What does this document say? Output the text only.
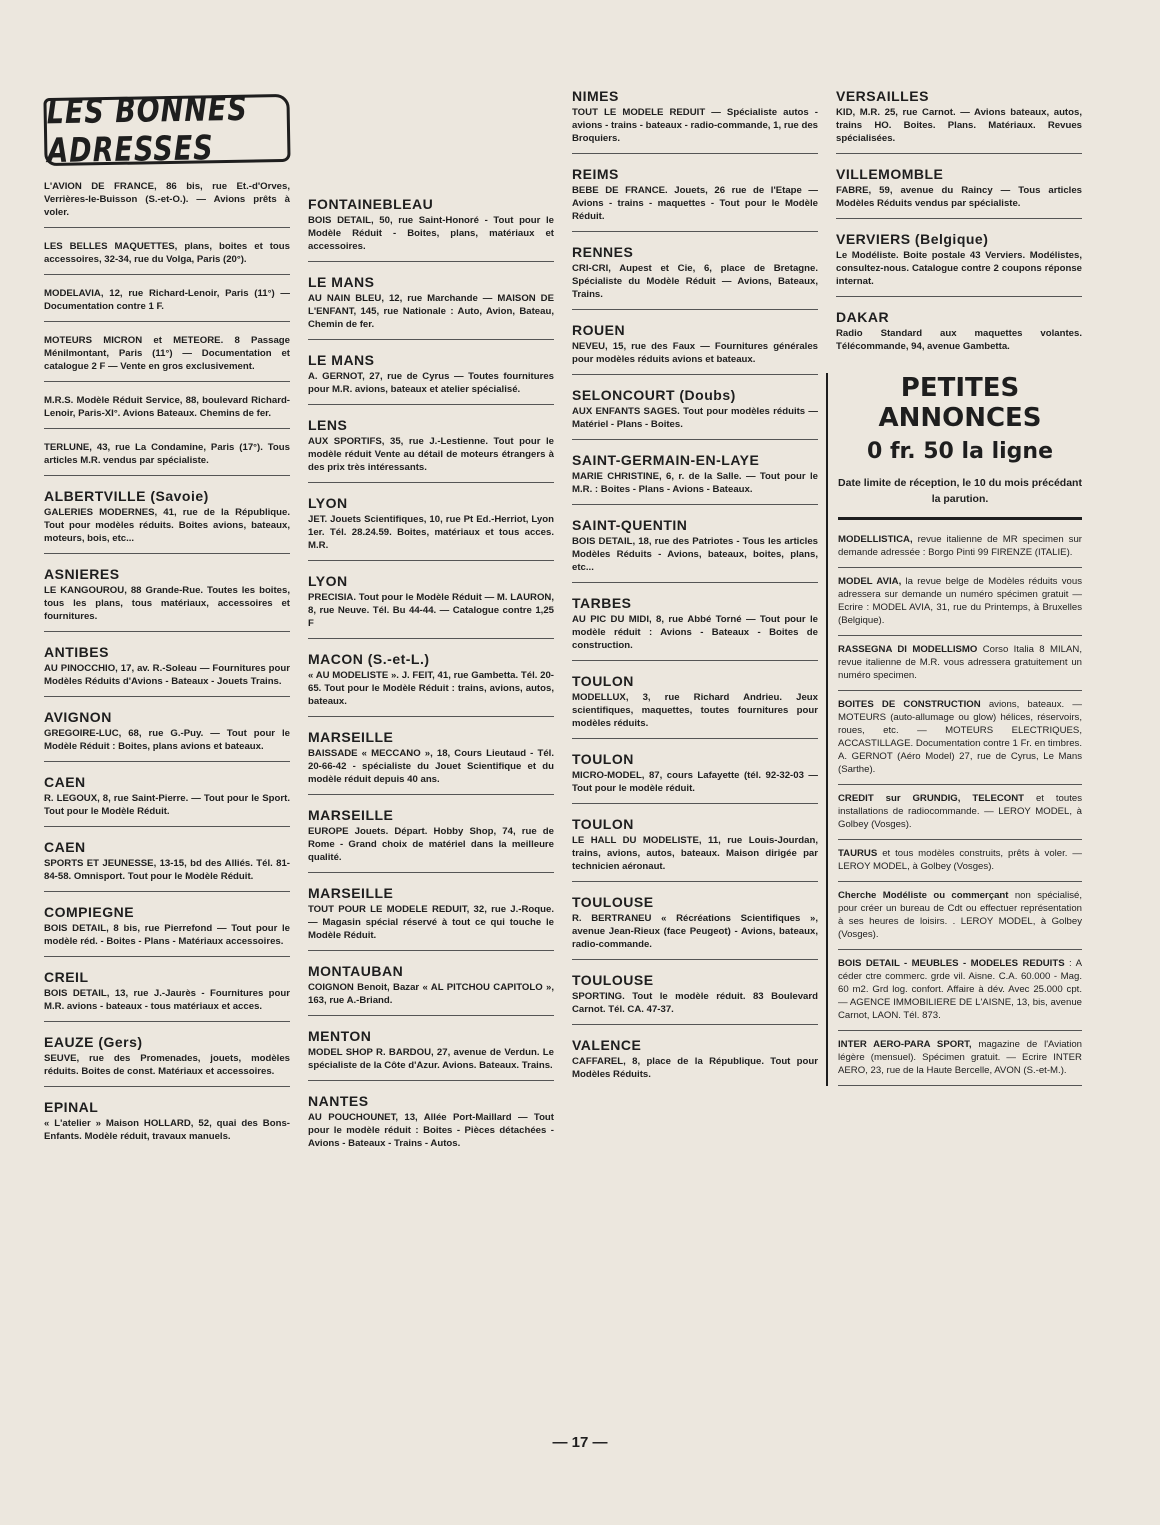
LES BONNES ADRESSES
L'AVION DE FRANCE, 86 bis, rue Et.-d'Orves, Verrières-le-Buisson (S.-et-O.). — Avions prêts à voler.
LES BELLES MAQUETTES, plans, boites et tous accessoires, 32-34, rue du Volga, Paris (20°).
MODELAVIA, 12, rue Richard-Lenoir, Paris (11°) — Documentation contre 1 F.
MOTEURS MICRON et METEORE. 8 Passage Ménilmontant, Paris (11°) — Documentation et catalogue 2 F — Vente en gros exclusivement.
M.R.S. Modèle Réduit Service, 88, boulevard Richard-Lenoir, Paris-XI°. Avions Bateaux. Chemins de fer.
TERLUNE, 43, rue La Condamine, Paris (17°). Tous articles M.R. vendus par spécialiste.
ALBERTVILLE (Savoie)
GALERIES MODERNES, 41, rue de la République. Tout pour modèles réduits. Boites avions, bateaux, moteurs, bois, etc...
ASNIERES
LE KANGOUROU, 88 Grande-Rue. Toutes les boites, tous les plans, tous matériaux, accessoires et fournitures.
ANTIBES
AU PINOCCHIO, 17, av. R.-Soleau — Fournitures pour Modèles Réduits d'Avions - Bateaux - Jouets Trains.
AVIGNON
GREGOIRE-LUC, 68, rue G.-Puy. — Tout pour le Modèle Réduit : Boites, plans avions et bateaux.
CAEN
R. LEGOUX, 8, rue Saint-Pierre. — Tout pour le Sport. Tout pour le Modèle Réduit.
CAEN
SPORTS ET JEUNESSE, 13-15, bd des Alliés. Tél. 81-84-58. Omnisport. Tout pour le Modèle Réduit.
COMPIEGNE
BOIS DETAIL, 8 bis, rue Pierrefond — Tout pour le modèle réd. - Boites - Plans - Matériaux accessoires.
CREIL
BOIS DETAIL, 13, rue J.-Jaurès - Fournitures pour M.R. avions - bateaux - tous matériaux et acces.
EAUZE (Gers)
SEUVE, rue des Promenades, jouets, modèles réduits. Boites de const. Matériaux et accessoires.
EPINAL
« L'atelier » Maison HOLLARD, 52, quai des Bons-Enfants. Modèle réduit, travaux manuels.
FONTAINEBLEAU
BOIS DETAIL, 50, rue Saint-Honoré - Tout pour le Modèle Réduit - Boites, plans, matériaux et accessoires.
LE MANS
AU NAIN BLEU, 12, rue Marchande — MAISON DE L'ENFANT, 145, rue Nationale : Auto, Avion, Bateau, Chemin de fer.
LE MANS
A. GERNOT, 27, rue de Cyrus — Toutes fournitures pour M.R. avions, bateaux et atelier spécialisé.
LENS
AUX SPORTIFS, 35, rue J.-Lestienne. Tout pour le modèle réduit Vente au détail de moteurs étrangers à des prix très intéressants.
LYON
JET. Jouets Scientifiques, 10, rue Pt Ed.-Herriot, Lyon 1er. Tél. 28.24.59. Boites, matériaux et tous acces. M.R.
LYON
PRECISIA. Tout pour le Modèle Réduit — M. LAURON, 8, rue Neuve. Tél. Bu 44-44. — Catalogue contre 1,25 F
MACON (S.-et-L.)
« AU MODELISTE ». J. FEIT, 41, rue Gambetta. Tél. 20-65. Tout pour le Modèle Réduit : trains, avions, autos, bateaux.
MARSEILLE
BAISSADE « MECCANO », 18, Cours Lieutaud - Tél. 20-66-42 - spécialiste du Jouet Scientifique et du modèle réduit depuis 40 ans.
MARSEILLE
EUROPE Jouets. Départ. Hobby Shop, 74, rue de Rome - Grand choix de matériel dans la meilleure qualité.
MARSEILLE
TOUT POUR LE MODELE REDUIT, 32, rue J.-Roque. — Magasin spécial réservé à tout ce qui touche le Modèle Réduit.
MONTAUBAN
COIGNON Benoit, Bazar « AL PITCHOU CAPITOLO », 163, rue A.-Briand.
MENTON
MODEL SHOP R. BARDOU, 27, avenue de Verdun. Le spécialiste de la Côte d'Azur. Avions. Bateaux. Trains.
NANTES
AU POUCHOUNET, 13, Allée Port-Maillard — Tout pour le modèle réduit : Boites - Pièces détachées - Avions - Bateaux - Trains - Autos.
NIMES
TOUT LE MODELE REDUIT — Spécialiste autos - avions - trains - bateaux - radio-commande, 1, rue des Broquiers.
REIMS
BEBE DE FRANCE. Jouets, 26 rue de l'Etape — Avions - trains - maquettes - Tout pour le Modèle Réduit.
RENNES
CRI-CRI, Aupest et Cie, 6, place de Bretagne. Spécialiste du Modèle Réduit — Avions, Bateaux, Trains.
ROUEN
NEVEU, 15, rue des Faux — Fournitures générales pour modèles réduits avions et bateaux.
SELONCOURT (Doubs)
AUX ENFANTS SAGES. Tout pour modèles réduits — Matériel - Plans - Boites.
SAINT-GERMAIN-EN-LAYE
MARIE CHRISTINE, 6, r. de la Salle. — Tout pour le M.R. : Boites - Plans - Avions - Bateaux.
SAINT-QUENTIN
BOIS DETAIL, 18, rue des Patriotes - Tous les articles Modèles Réduits - Avions, bateaux, boites, plans, etc...
TARBES
AU PIC DU MIDI, 8, rue Abbé Torné — Tout pour le modèle réduit : Avions - Bateaux - Boites de construction.
TOULON
MODELLUX, 3, rue Richard Andrieu. Jeux scientifiques, maquettes, toutes fournitures pour modèles réduits.
TOULON
MICRO-MODEL, 87, cours Lafayette (tél. 92-32-03 — Tout pour le modèle réduit.
TOULON
LE HALL DU MODELISTE, 11, rue Louis-Jourdan, trains, avions, autos, bateaux. Maison dirigée par technicien aéronaut.
TOULOUSE
R. BERTRANEU « Récréations Scientifiques », avenue Jean-Rieux (face Peugeot) - Avions, bateaux, radio-commande.
TOULOUSE
SPORTING. Tout le modèle réduit. 83 Boulevard Carnot. Tél. CA. 47-37.
VALENCE
CAFFAREL, 8, place de la République. Tout pour Modèles Réduits.
VERSAILLES
KID, M.R. 25, rue Carnot. — Avions bateaux, autos, trains HO. Boites. Plans. Matériaux. Revues spécialisées.
VILLEMOMBLE
FABRE, 59, avenue du Raincy — Tous articles Modèles Réduits vendus par spécialiste.
VERVIERS (Belgique)
Le Modéliste. Boite postale 43 Verviers. Modélistes, consultez-nous. Catalogue contre 2 coupons réponse internat.
DAKAR
Radio Standard aux maquettes volantes. Télécommande, 94, avenue Gambetta.
PETITES ANNONCES
0 fr. 50 la ligne
Date limite de réception, le 10 du mois précédant la parution.
MODELLISTICA, revue italienne de MR specimen sur demande adressée : Borgo Pinti 99 FIRENZE (ITALIE).
MODEL AVIA, la revue belge de Modèles réduits vous adressera sur demande un numéro spécimen gratuit — Ecrire : MODEL AVIA, 31, rue du Printemps, à Bruxelles (Belgique).
RASSEGNA DI MODELLISMO Corso Italia 8 MILAN, revue italienne de M.R. vous adressera gratuitement un numéro specimen.
BOITES DE CONSTRUCTION avions, bateaux. — MOTEURS (auto-allumage ou glow) hélices, réservoirs, roues, etc. — MOTEURS ELECTRIQUES, ACCASTILLAGE. Documentation contre 1 Fr. en timbres. A. GERNOT (Aéro Model) 27, rue de Cyrus, Le Mans (Sarthe).
CREDIT sur GRUNDIG, TELECONT et toutes installations de radiocommande. — LEROY MODEL, à Golbey (Vosges).
TAURUS et tous modèles construits, prêts à voler. — LEROY MODEL, à Golbey (Vosges).
Cherche Modéliste ou commerçant non spécialisé, pour créer un bureau de Cdt ou effectuer représentation à ses heures de loisirs. . LEROY MODEL, à Golbey (Vosges).
BOIS DETAIL - MEUBLES - MODELES REDUITS : A céder ctre commerc. grde vil. Aisne. C.A. 60.000 - Mag. 60 m2. Grd log. confort. Affaire à dév. Avec 25.000 cpt. — AGENCE IMMOBILIERE DE L'AISNE, 13, bis, avenue Carnot, LAON. Tél. 873.
INTER AERO-PARA SPORT, magazine de l'Aviation légère (mensuel). Spécimen gratuit. — Ecrire INTER AERO, 23, rue de la Haute Bercelle, AVON (S.-et-M.).
— 17 —
